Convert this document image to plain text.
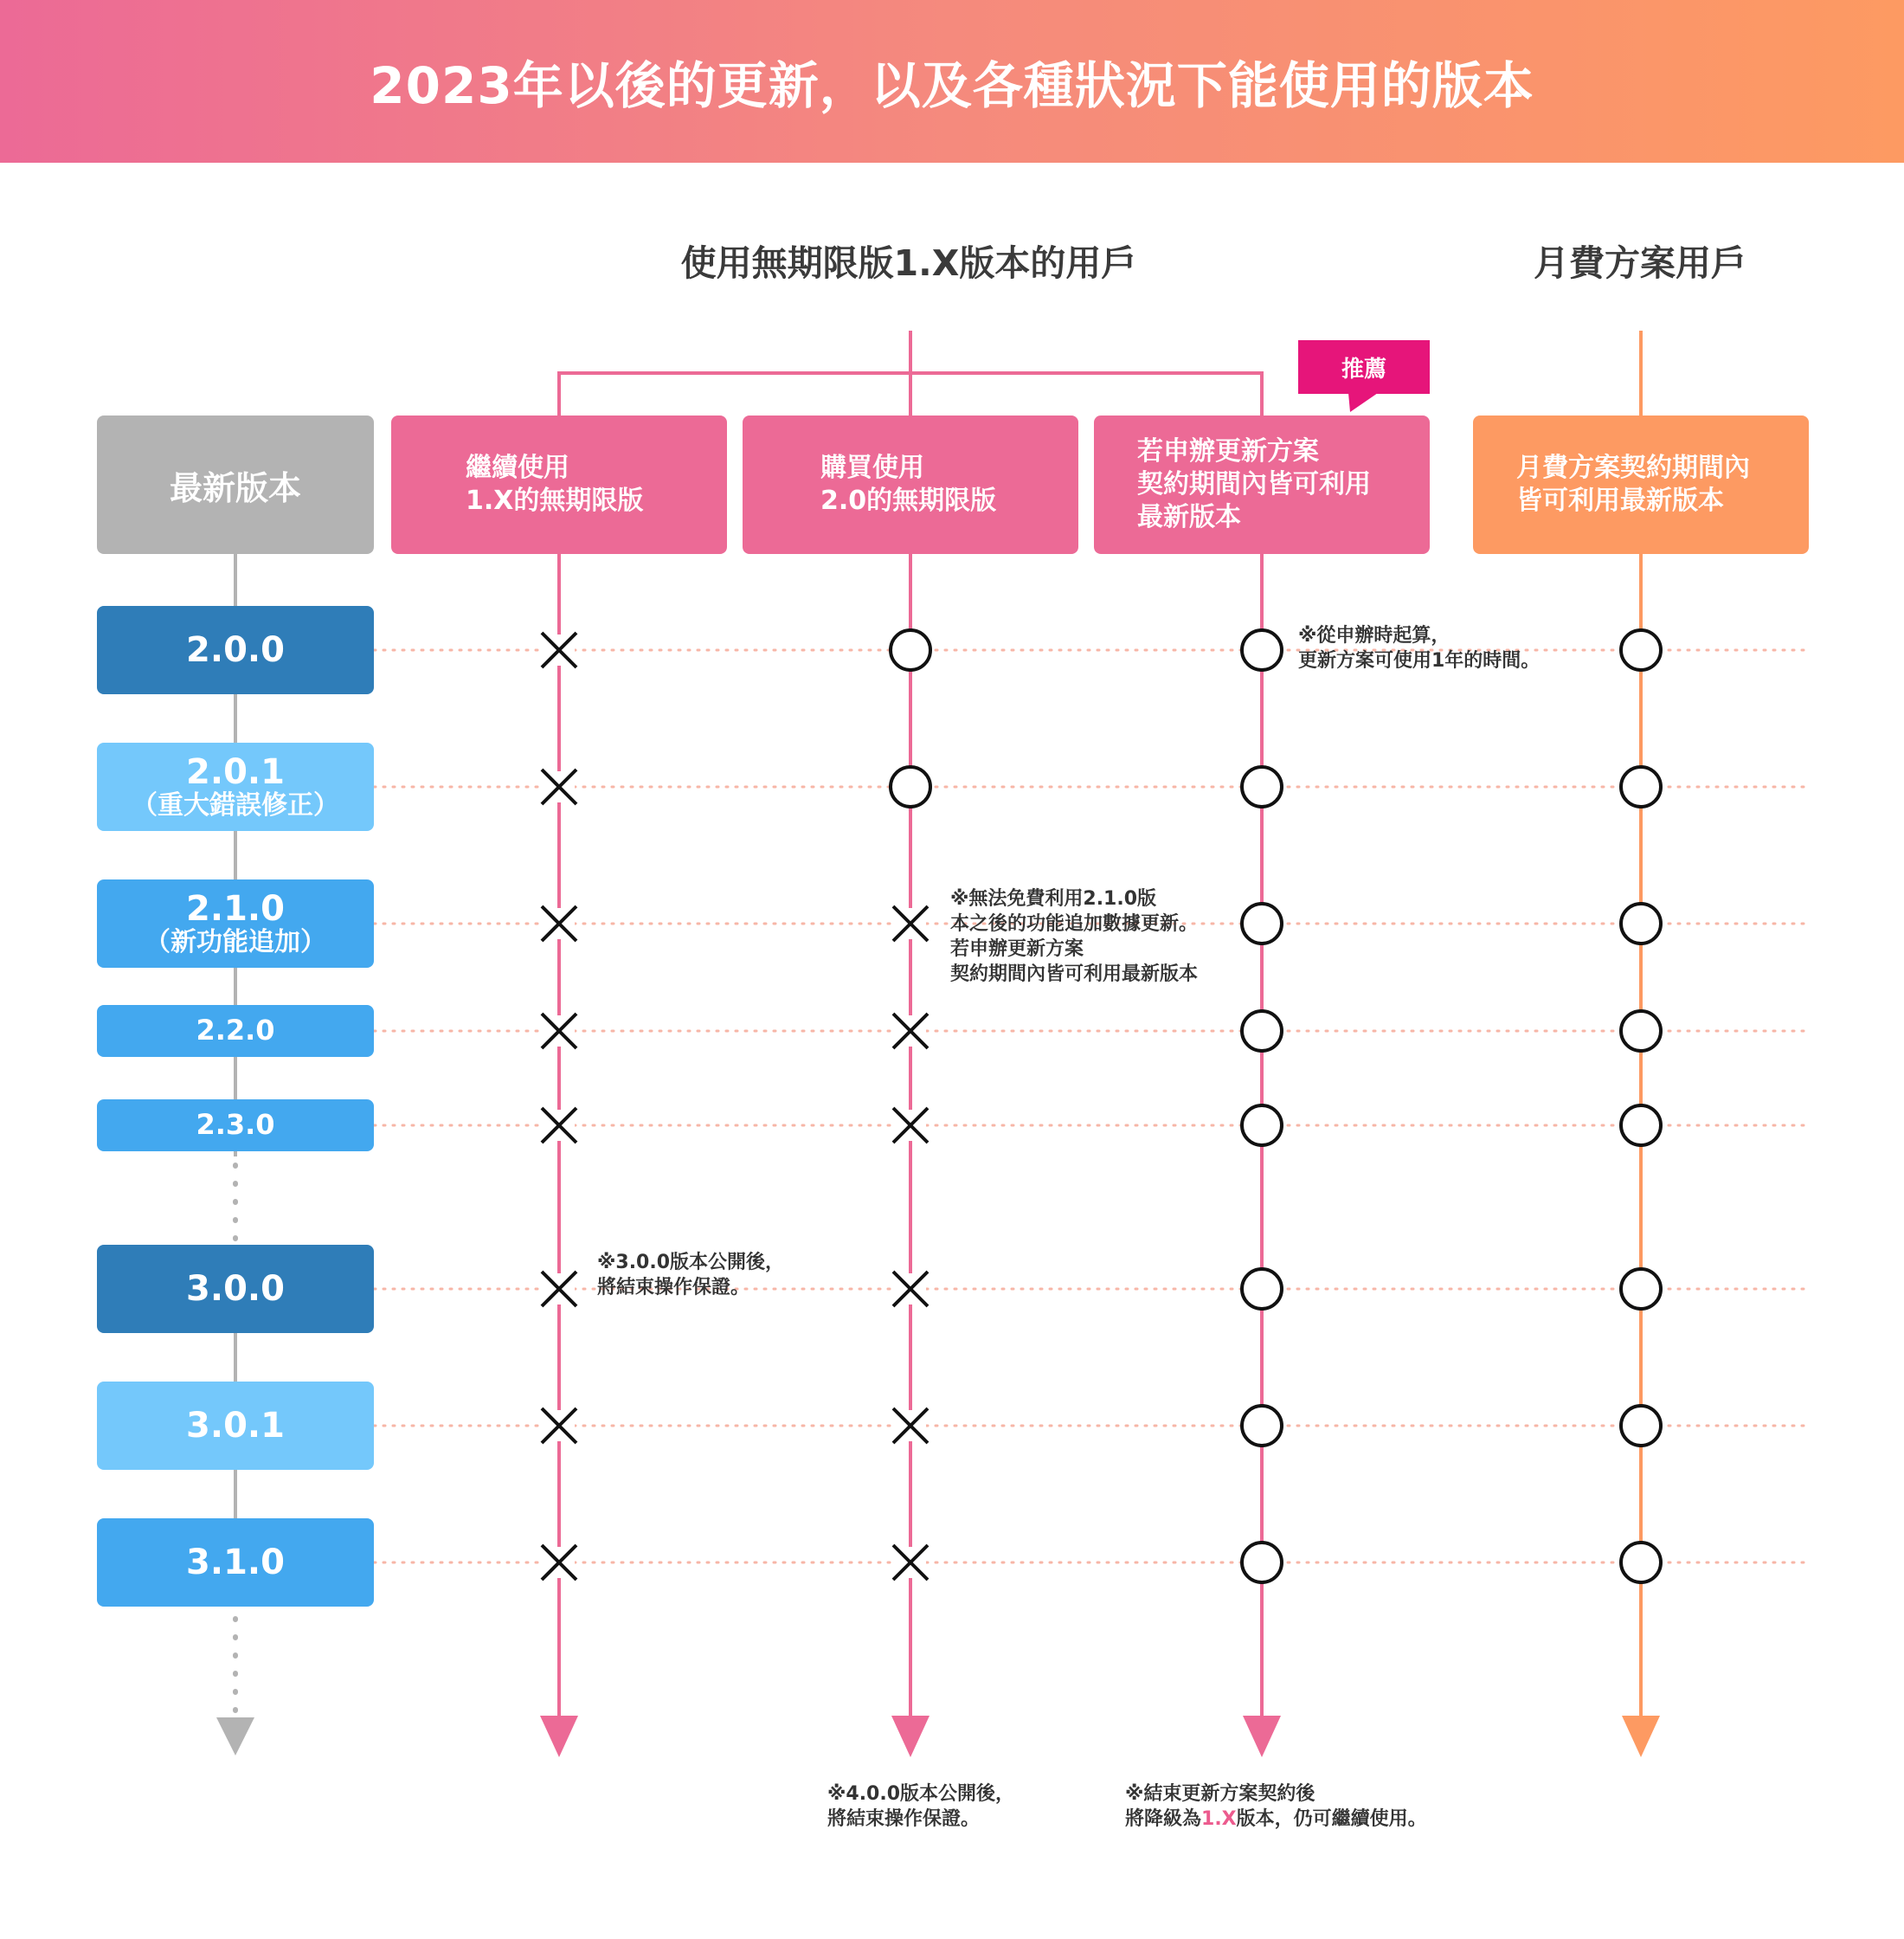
2023年以後的更新，以及各種狀況下能使用的版本
使用無期限版1.X版本的用戶	月費方案用戶
最新版本
繼續使用
1.X的無期限版
購買使用
2.0的無期限版
若申辦更新方案
契約期間內皆可利用
最新版本
月費方案契約期間內
皆可利用最新版本
推薦
2.0.0
2.0.1
（重大錯誤修正）
2.1.0
（新功能追加）
2.2.0
2.3.0
3.0.0
3.0.1
3.1.0
※從申辦時起算，
更新方案可使用1年的時間。
※無法免費利用2.1.0版
本之後的功能追加數據更新。
若申辦更新方案
契約期間內皆可利用最新版本
※3.0.0版本公開後，
將結束操作保證。
※4.0.0版本公開後，
將結束操作保證。
※結束更新方案契約後
將降級為1.X版本，仍可繼續使用。
